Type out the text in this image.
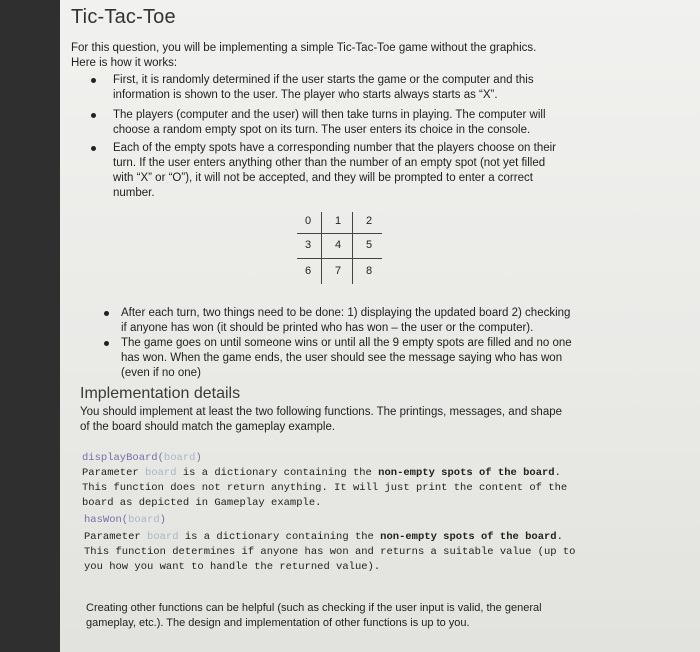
Tic-Tac-Toe
For this question, you will be implementing a simple Tic-Tac-Toe game without the graphics.
Here is how it works:
First, it is randomly determined if the user starts the game or the computer and this
information is shown to the user. The player who starts always starts as “X”.
The players (computer and the user) will then take turns in playing. The computer will
choose a random empty spot on its turn. The user enters its choice in the console.
Each of the empty spots have a corresponding number that the players choose on their
turn. If the user enters anything other than the number of an empty spot (not yet filled
with “X” or “O”), it will not be accepted, and they will be prompted to enter a correct
number.
0	1	2
3	4	5
6	7	8
After each turn, two things need to be done: 1) displaying the updated board 2) checking
if anyone has won (it should be printed who has won – the user or the computer).
The game goes on until someone wins or until all the 9 empty spots are filled and no one
has won. When the game ends, the user should see the message saying who has won
(even if no one)
Implementation details
You should implement at least the two following functions. The printings, messages, and shape
of the board should match the gameplay example.
displayBoard(board)
Parameter board is a dictionary containing the non-empty spots of the board.
This function does not return anything. It will just print the content of the
board as depicted in Gameplay example.
hasWon(board)
Parameter board is a dictionary containing the non-empty spots of the board.
This function determines if anyone has won and returns a suitable value (up to
you how you want to handle the returned value).
Creating other functions can be helpful (such as checking if the user input is valid, the general
gameplay, etc.). The design and implementation of other functions is up to you.
